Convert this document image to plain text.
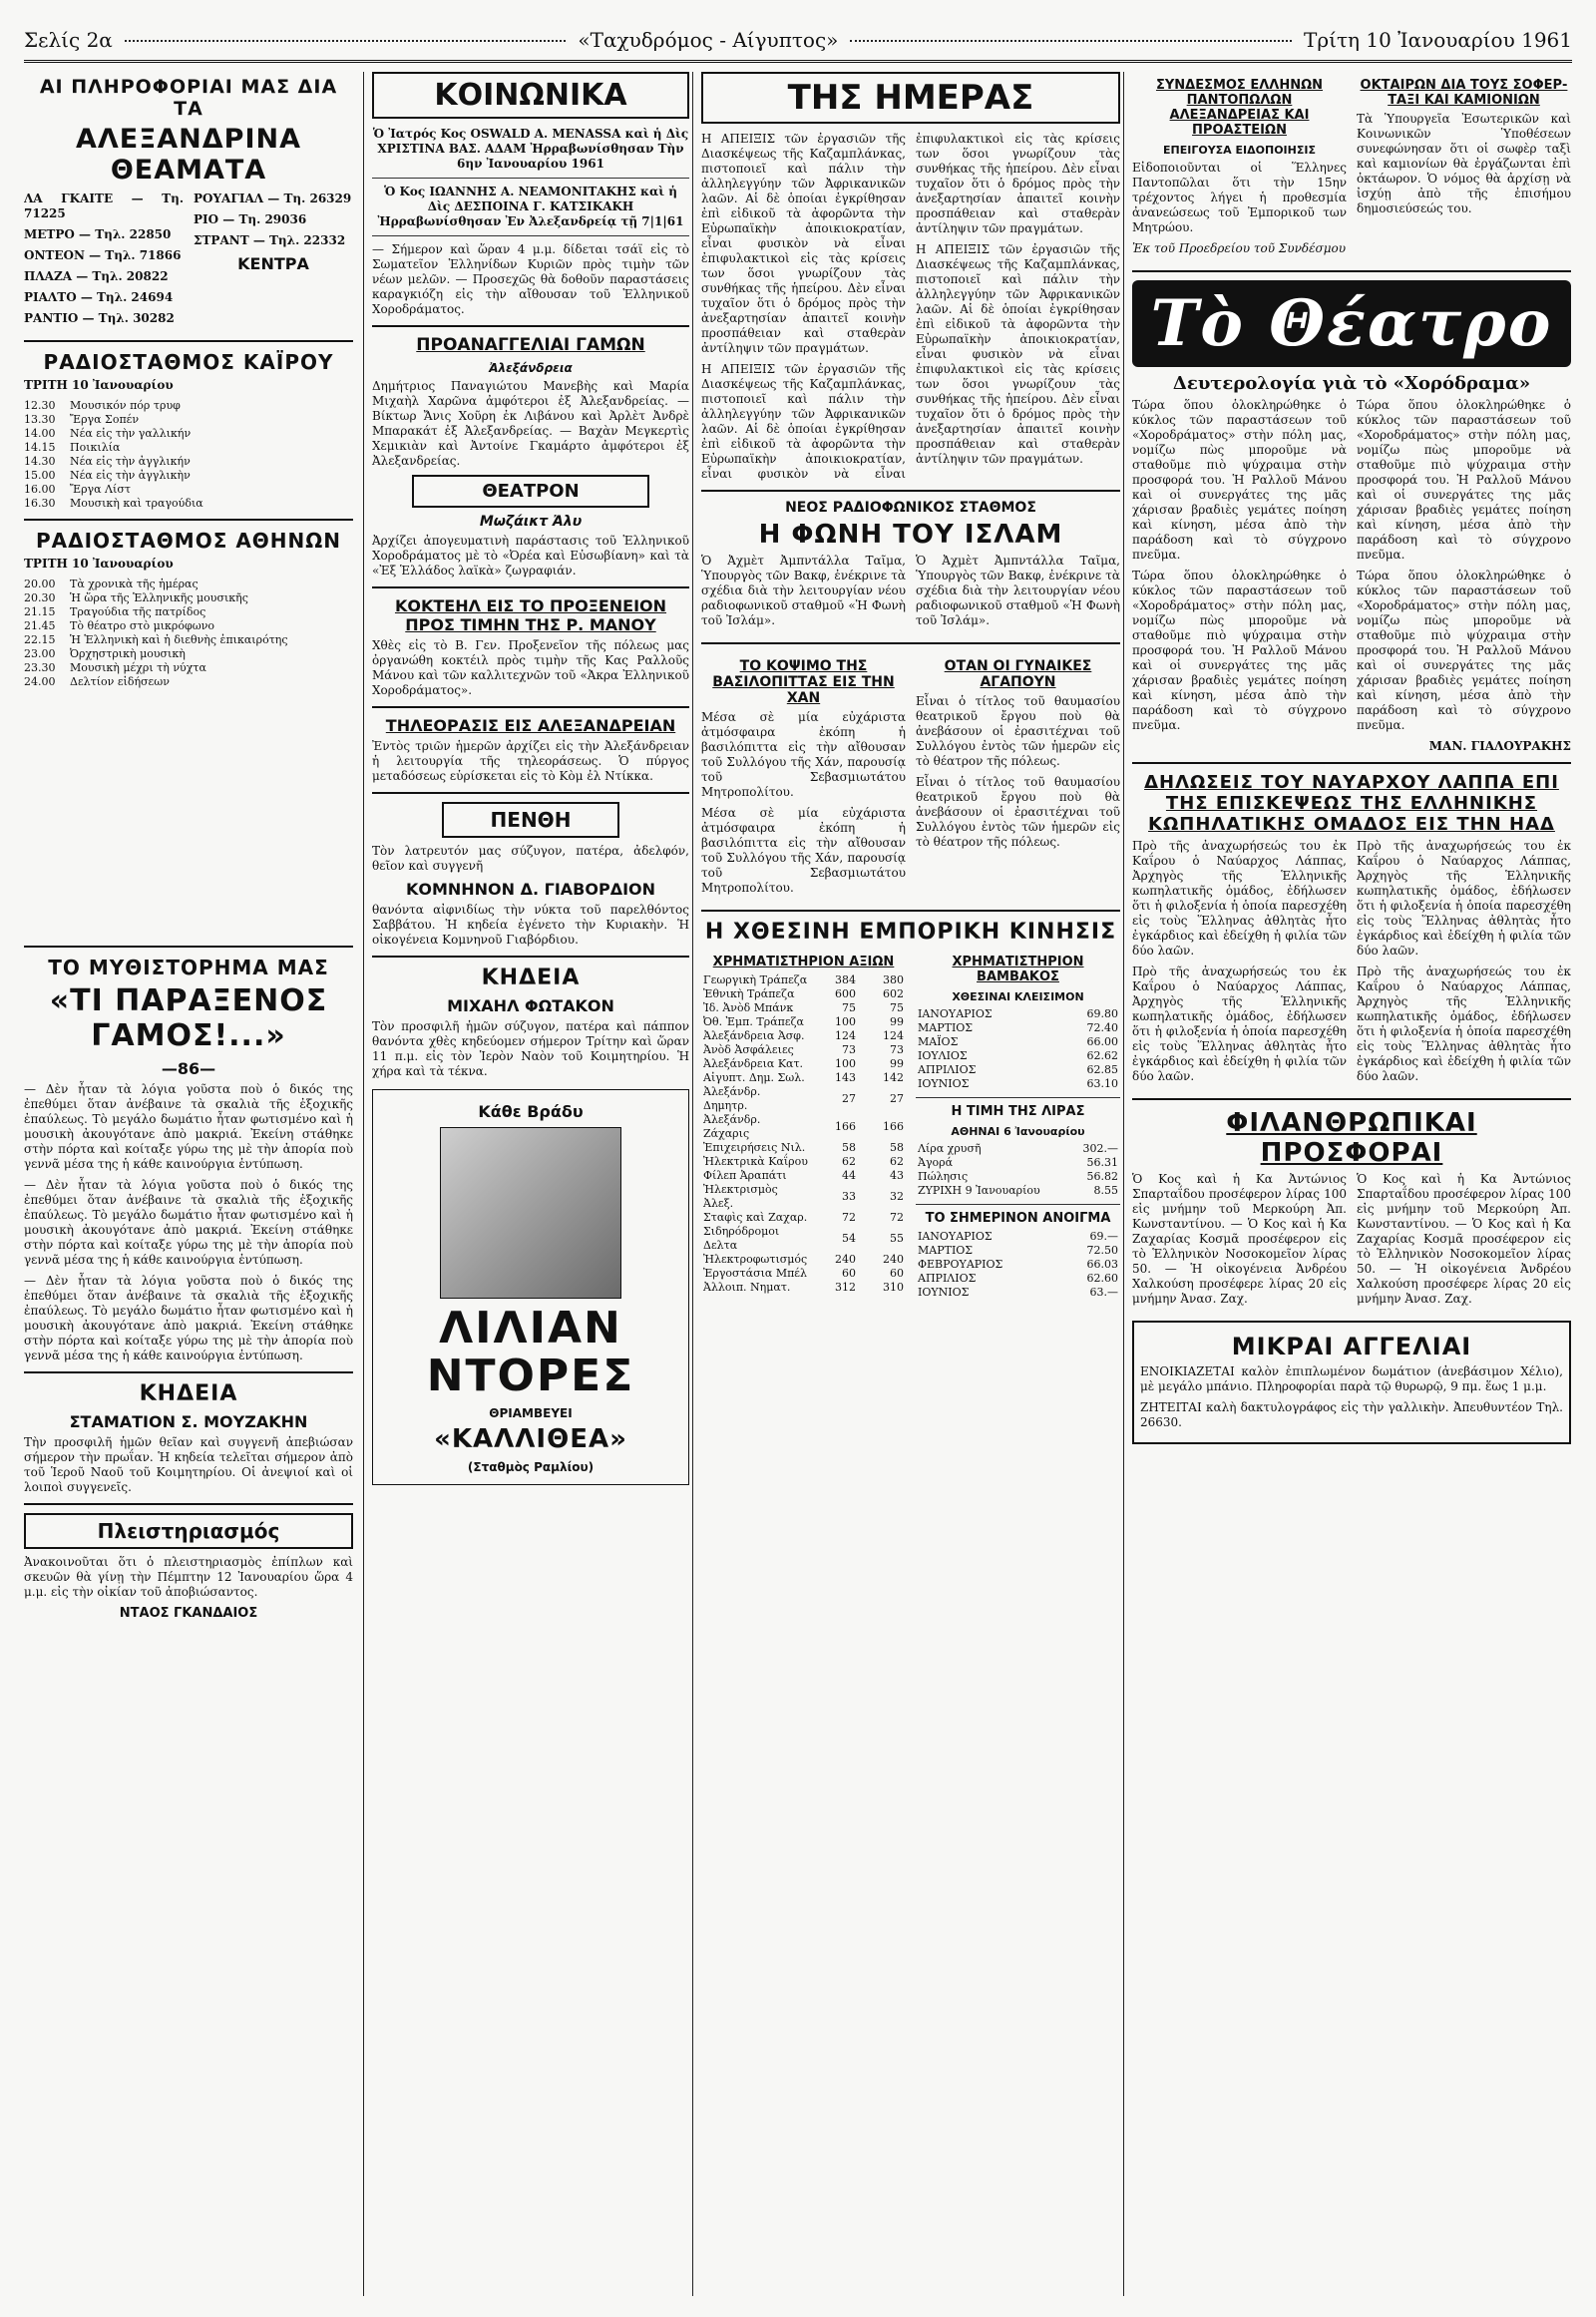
Σελίς 2α	«Ταχυδρόμος - Αίγυπτος»	Τρίτη 10 Ἰανουαρίου 1961
ΑΙ ΠΛΗΡΟΦΟΡΙΑΙ ΜΑΣ ΔΙΑ ΤΑ
ΑΛΕΞΑΝΔΡΙΝΑ ΘΕΑΜΑΤΑ
ΛΑ ΓΚΑΙΤΕ — Τη. 71225
ΜΕΤΡΟ — Τηλ. 22850
ΟΝΤΕΟΝ — Τηλ. 71866
ΠΛΑΖΑ — Τηλ. 20822
ΡΙΑΛΤΟ — Τηλ. 24694
ΡΑΝΤΙΟ — Τηλ. 30282
ΡΟΥΑΓΙΑΛ — Τη. 26329
ΡΙΟ — Τη. 29036
ΣΤΡΑΝΤ — Τηλ. 22332
ΚΕΝΤΡΑ
ΡΑΔΙΟΣΤΑΘΜΟΣ ΚΑΪΡΟΥ
ΤΡΙΤΗ 10 Ἰανουαρίου
12.30	Μουσικόν πόρ τρυφ
13.30	Ἔργα Σοπέν
14.00	Νέα εἰς τὴν γαλλικήν
14.15	Ποικιλία
14.30	Νέα εἰς τὴν ἀγγλικήν
15.00	Νέα εἰς τὴν ἀγγλικὴν
16.00	Ἔργα Λίστ
16.30	Μουσικὴ καὶ τραγούδια
ΡΑΔΙΟΣΤΑΘΜΟΣ ΑΘΗΝΩΝ
ΤΡΙΤΗ 10 Ἰανουαρίου
20.00	Τὰ χρονικὰ τῆς ἡμέρας
20.30	Ἡ ὥρα τῆς Ἑλληνικῆς μουσικῆς
21.15	Τραγούδια τῆς πατρίδος
21.45	Τὸ θέατρο στὸ μικρόφωνο
22.15	Ἡ Ἑλληνικὴ καὶ ἡ διεθνὴς ἐπικαιρότης
23.00	Ὀρχηστρικὴ μουσικὴ
23.30	Μουσικὴ μέχρι τὴ νύχτα
24.00	Δελτίον εἰδήσεων
ΤΟ ΜΥΘΙΣΤΟΡΗΜΑ ΜΑΣ
«ΤΙ ΠΑΡΑΞΕΝΟΣ ΓΑΜΟΣ!...»
—86—

— Δὲν ἦταν τὰ λόγια γοῦστα ποὺ ὁ δικός της ἐπεθύμει ὅταν ἀνέβαινε τὰ σκαλιὰ τῆς ἐξοχικῆς ἐπαύλεως. Τὸ μεγάλο δωμάτιο ἦταν φωτισμένο καὶ ἡ μουσικὴ ἀκουγότανε ἀπὸ μακριά. Ἐκείνη στάθηκε στὴν πόρτα καὶ κοίταξε γύρω της μὲ τὴν ἀπορία ποὺ γεννᾶ μέσα της ἡ κάθε καινούργια ἐντύπωση.

— Δὲν ἦταν τὰ λόγια γοῦστα ποὺ ὁ δικός της ἐπεθύμει ὅταν ἀνέβαινε τὰ σκαλιὰ τῆς ἐξοχικῆς ἐπαύλεως. Τὸ μεγάλο δωμάτιο ἦταν φωτισμένο καὶ ἡ μουσικὴ ἀκουγότανε ἀπὸ μακριά. Ἐκείνη στάθηκε στὴν πόρτα καὶ κοίταξε γύρω της μὲ τὴν ἀπορία ποὺ γεννᾶ μέσα της ἡ κάθε καινούργια ἐντύπωση.

— Δὲν ἦταν τὰ λόγια γοῦστα ποὺ ὁ δικός της ἐπεθύμει ὅταν ἀνέβαινε τὰ σκαλιὰ τῆς ἐξοχικῆς ἐπαύλεως. Τὸ μεγάλο δωμάτιο ἦταν φωτισμένο καὶ ἡ μουσικὴ ἀκουγότανε ἀπὸ μακριά. Ἐκείνη στάθηκε στὴν πόρτα καὶ κοίταξε γύρω της μὲ τὴν ἀπορία ποὺ γεννᾶ μέσα της ἡ κάθε καινούργια ἐντύπωση.

ΚΗΔΕΙΑ
ΣΤΑΜΑΤΙΟΝ Σ. ΜΟΥΖΑΚΗΝ

Τὴν προσφιλῆ ἡμῶν θεῖαν καὶ συγγενῆ ἀπεβιώσαν σήμερον τὴν πρωΐαν. Ἡ κηδεία τελεῖται σήμερον ἀπὸ τοῦ Ἱεροῦ Ναοῦ τοῦ Κοιμητηρίου. Οἱ ἀνεψιοί καὶ οἱ λοιποὶ συγγενεῖς.

Πλειστηριασμός

Ἀνακοινοῦται ὅτι ὁ πλειστηριασμὸς ἐπίπλων καὶ σκευῶν θὰ γίνῃ τὴν Πέμπτην 12 Ἰανουαρίου ὥρα 4 μ.μ. εἰς τὴν οἰκίαν τοῦ ἀποβιώσαντος.

ΝΤΑΟΣ ΓΚΑΝΔΑΙΟΣ
ΚΟΙΝΩΝΙΚΑ

Ὁ Ἰατρός Κος OSWALD A. MENASSA καὶ ἡ Δὶς ΧΡΙΣΤΙΝΑ ΒΑΣ. ΑΔΑΜ Ἠρραβωνίσθησαν Τὴν 6ην Ἰανουαρίου 1961

Ὁ Κος ΙΩΑΝΝΗΣ Α. ΝΕΑΜΟΝΙΤΑΚΗΣ καὶ ἡ Δὶς ΔΕΣΠΟΙΝΑ Γ. ΚΑΤΣΙΚΑΚΗ Ἠρραβωνίσθησαν Ἐν Ἀλεξανδρείᾳ τῇ 7|1|61

— Σήμερον καὶ ὥραν 4 μ.μ. δίδεται τσάϊ εἰς τὸ Σωματεῖον Ἑλληνίδων Κυριῶν πρὸς τιμὴν τῶν νέων μελῶν. — Προσεχῶς θὰ δοθοῦν παραστάσεις καραγκιόζη εἰς τὴν αἴθουσαν τοῦ Ἑλληνικοῦ Χοροδράματος.

ΠΡΟΑΝΑΓΓΕΛΙΑΙ ΓΑΜΩΝ
Ἀλεξάνδρεια

Δημήτριος Παναγιώτου Μανεβὴς καὶ Μαρία Μιχαὴλ Χαρῶνα ἀμφότεροι ἐξ Ἀλεξανδρείας. — Βίκτωρ Ἄνις Χοῦρη ἐκ Λιβάνου καὶ Ἀρλὲτ Ἀνδρὲ Μπαρακάτ ἐξ Ἀλεξανδρείας. — Βαχὰν Μεγκερτὶς Χεμικιὰν καὶ Ἀντοίνε Γκαμάρτο ἀμφότεροι ἐξ Ἀλεξανδρείας.

ΘΕΑΤΡΟΝ
Μωζάικτ Ἀλυ

Ἀρχίζει ἀπογευματινὴ παράστασις τοῦ Ἑλληνικοῦ Χοροδράματος μὲ τὸ «Ὀρέα καὶ Εὐσωβίανη» καὶ τὰ «Ἐξ Ἑλλάδος λαϊκὰ» ζωγραφιάν.

ΚΟΚΤΕΗΛ ΕΙΣ ΤΟ ΠΡΟΞΕΝΕΙΟΝ ΠΡΟΣ ΤΙΜΗΝ ΤΗΣ Ρ. ΜΑΝΟΥ

Χθὲς εἰς τὸ Β. Γεν. Προξενεῖον τῆς πόλεως μας ὀργανώθη κοκτέιλ πρὸς τιμὴν τῆς Κας Ραλλοῦς Μάνου καὶ τῶν καλλιτεχνῶν τοῦ «Ἀκρα Ἐλληνικοῦ Χοροδράματος».

ΤΗΛΕΟΡΑΣΙΣ ΕΙΣ ΑΛΕΞΑΝΔΡΕΙΑΝ

Ἐντὸς τριῶν ἡμερῶν ἀρχίζει εἰς τὴν Ἀλεξάνδρειαν ἡ λειτουργία τῆς τηλεοράσεως. Ὁ πύργος μεταδόσεως εὑρίσκεται εἰς τὸ Κὸμ ἐλ Ντίκκα.

ΠΕΝΘΗ

Τὸν λατρευτόν μας σύζυγον, πατέρα, ἀδελφόν, θεῖον καὶ συγγενῆ

ΚΟΜΝΗΝΟΝ Δ. ΓΙΑΒΟΡΔΙΟΝ

θανόντα αἰφνιδίως τὴν νύκτα τοῦ παρελθόντος Σαββάτου. Ἡ κηδεία ἐγένετο τὴν Κυριακὴν. Ἡ οἰκογένεια Κομνηνοῦ Γιαβόρδιου.

ΚΗΔΕΙΑ
ΜΙΧΑΗΛ ΦΩΤΑΚΟΝ

Τὸν προσφιλῆ ἡμῶν σύζυγον, πατέρα καὶ πάππον θανόντα χθὲς κηδεύομεν σήμερον Τρίτην καὶ ὥραν 11 π.μ. εἰς τὸν Ἱερὸν Ναὸν τοῦ Κοιμητηρίου. Ἡ χήρα καὶ τὰ τέκνα.

Κάθε Βράδυ
ΛΙΛΙΑΝ ΝΤΟΡΕΣ
ΘΡΙΑΜΒΕΥΕΙ
«ΚΑΛΛΙΘΕΑ»
(Σταθμὸς Ραμλίου)
ΤΗΣ ΗΜΕΡΑΣ

Η ΑΠΕΙΞΙΣ τῶν ἐργασιῶν τῆς Διασκέψεως τῆς Καζαμπλάνκας, πιστοποιεῖ καὶ πάλιν τὴν ἀλληλεγγύην τῶν Ἀφρικανικῶν λαῶν. Αἱ δὲ ὁποίαι ἐγκρίθησαν ἐπὶ εἰδικοῦ τὰ ἀφορῶντα τὴν Εὐρωπαϊκὴν ἀποικιοκρατίαν, εἶναι φυσικὸν νὰ εἶναι ἐπιφυλακτικοὶ εἰς τὰς κρίσεις των ὅσοι γνωρίζουν τὰς συνθήκας τῆς ἡπείρου. Δὲν εἶναι τυχαῖον ὅτι ὁ δρόμος πρὸς τὴν ἀνεξαρτησίαν ἀπαιτεῖ κοινὴν προσπάθειαν καὶ σταθερὰν ἀντίληψιν τῶν πραγμάτων.

Η ΑΠΕΙΞΙΣ τῶν ἐργασιῶν τῆς Διασκέψεως τῆς Καζαμπλάνκας, πιστοποιεῖ καὶ πάλιν τὴν ἀλληλεγγύην τῶν Ἀφρικανικῶν λαῶν. Αἱ δὲ ὁποίαι ἐγκρίθησαν ἐπὶ εἰδικοῦ τὰ ἀφορῶντα τὴν Εὐρωπαϊκὴν ἀποικιοκρατίαν, εἶναι φυσικὸν νὰ εἶναι ἐπιφυλακτικοὶ εἰς τὰς κρίσεις των ὅσοι γνωρίζουν τὰς συνθήκας τῆς ἡπείρου. Δὲν εἶναι τυχαῖον ὅτι ὁ δρόμος πρὸς τὴν ἀνεξαρτησίαν ἀπαιτεῖ κοινὴν προσπάθειαν καὶ σταθερὰν ἀντίληψιν τῶν πραγμάτων.

Η ΑΠΕΙΞΙΣ τῶν ἐργασιῶν τῆς Διασκέψεως τῆς Καζαμπλάνκας, πιστοποιεῖ καὶ πάλιν τὴν ἀλληλεγγύην τῶν Ἀφρικανικῶν λαῶν. Αἱ δὲ ὁποίαι ἐγκρίθησαν ἐπὶ εἰδικοῦ τὰ ἀφορῶντα τὴν Εὐρωπαϊκὴν ἀποικιοκρατίαν, εἶναι φυσικὸν νὰ εἶναι ἐπιφυλακτικοὶ εἰς τὰς κρίσεις των ὅσοι γνωρίζουν τὰς συνθήκας τῆς ἡπείρου. Δὲν εἶναι τυχαῖον ὅτι ὁ δρόμος πρὸς τὴν ἀνεξαρτησίαν ἀπαιτεῖ κοινὴν προσπάθειαν καὶ σταθερὰν ἀντίληψιν τῶν πραγμάτων.

ΝΕΟΣ ΡΑΔΙΟΦΩΝΙΚΟΣ ΣΤΑΘΜΟΣ
Η ΦΩΝΗ ΤΟΥ ΙΣΛΑΜ

Ὁ Ἀχμὲτ Ἀμπντάλλα Ταῖμα, Ὑπουργὸς τῶν Βακφ, ἐνέκρινε τὰ σχέδια διὰ τὴν λειτουργίαν νέου ραδιοφωνικοῦ σταθμοῦ «Ἡ Φωνὴ τοῦ Ἰσλάμ».

Ὁ Ἀχμὲτ Ἀμπντάλλα Ταῖμα, Ὑπουργὸς τῶν Βακφ, ἐνέκρινε τὰ σχέδια διὰ τὴν λειτουργίαν νέου ραδιοφωνικοῦ σταθμοῦ «Ἡ Φωνὴ τοῦ Ἰσλάμ».

ΤΟ ΚΟΨΙΜΟ ΤΗΣ ΒΑΣΙΛΟΠΙΤΤΑΣ ΕΙΣ ΤΗΝ ΧΑΝ

Μέσα σὲ μία εὐχάριστα ἀτμόσφαιρα ἐκόπη ἡ βασιλόπιττα εἰς τὴν αἴθουσαν τοῦ Συλλόγου τῆς Χάν, παρουσίᾳ τοῦ Σεβασμιωτάτου Μητροπολίτου.

Μέσα σὲ μία εὐχάριστα ἀτμόσφαιρα ἐκόπη ἡ βασιλόπιττα εἰς τὴν αἴθουσαν τοῦ Συλλόγου τῆς Χάν, παρουσίᾳ τοῦ Σεβασμιωτάτου Μητροπολίτου.

ΟΤΑΝ ΟΙ ΓΥΝΑΙΚΕΣ ΑΓΑΠΟΥΝ

Εἶναι ὁ τίτλος τοῦ θαυμασίου θεατρικοῦ ἔργου ποὺ θὰ ἀνεβάσουν οἱ ἐρασιτέχναι τοῦ Συλλόγου ἐντὸς τῶν ἡμερῶν εἰς τὸ θέατρον τῆς πόλεως.

Εἶναι ὁ τίτλος τοῦ θαυμασίου θεατρικοῦ ἔργου ποὺ θὰ ἀνεβάσουν οἱ ἐρασιτέχναι τοῦ Συλλόγου ἐντὸς τῶν ἡμερῶν εἰς τὸ θέατρον τῆς πόλεως.

Η ΧΘΕΣΙΝΗ ΕΜΠΟΡΙΚΗ ΚΙΝΗΣΙΣ
ΧΡΗΜΑΤΙΣΤΗΡΙΟΝ ΑΞΙΩΝ
Γεωργικὴ Τράπεζα	384	380
Ἐθνικὴ Τράπεζα	600	602
Ἰδ. Ἀνὸδ Μπάνκ	75	75
Ὀθ. Ἐμπ. Τράπεζα	100	99
Ἀλεξάνδρεια Ἀσφ.	124	124
Ἀνὸδ Ἀσφάλειες	73	73
Ἀλεξάνδρεια Κατ.	100	99
Αἰγυπτ. Δημ. Σωλ.	143	142
Ἀλεξάνδρ. Δημητρ.	27	27
Ἀλεξάνδρ. Ζάχαρις	166	166
Ἐπιχειρήσεις Νιλ.	58	58
Ἠλεκτρικὰ Καΐρου	62	62
Φίλεπ Ἀραπάτι	44	43
Ἠλεκτρισμὸς Ἀλεξ.	33	32
Σταφὶς καὶ Ζαχαρ.	72	72
Σιδηρόδρομοι Δελτα	54	55
Ἠλεκτροφωτισμός	240	240
Ἐργοστάσια Μπέλ	60	60
Ἀλλοιπ. Νηματ.	312	310
ΧΡΗΜΑΤΙΣΤΗΡΙΟΝ ΒΑΜΒΑΚΟΣ
ΧΘΕΣΙΝΑΙ ΚΛΕΙΣΙΜΟΝ
ΙΑΝΟΥΑΡΙΟΣ	69.80
ΜΑΡΤΙΟΣ	72.40
ΜΑΪΟΣ	66.00
ΙΟΥΛΙΟΣ	62.62
ΑΠΡΙΛΙΟΣ	62.85
ΙΟΥΝΙΟΣ	63.10
Η ΤΙΜΗ ΤΗΣ ΛΙΡΑΣ
ΑΘΗΝΑΙ 6 Ἰανουαρίου
Λίρα χρυσῆ	302.—
Ἀγορά	56.31
Πώλησις	56.82
ΖΥΡΙΧΗ 9 Ἰανουαρίου	8.55
ΤΟ ΣΗΜΕΡΙΝΟΝ ΑΝΟΙΓΜΑ
ΙΑΝΟΥΑΡΙΟΣ	69.—
ΜΑΡΤΙΟΣ	72.50
ΦΕΒΡΟΥΑΡΙΟΣ	66.03
ΑΠΡΙΛΙΟΣ	62.60
ΙΟΥΝΙΟΣ	63.—
ΣΥΝΔΕΣΜΟΣ ΕΛΛΗΝΩΝ ΠΑΝΤΟΠΩΛΩΝ ΑΛΕΞΑΝΔΡΕΙΑΣ ΚΑΙ ΠΡΟΑΣΤΕΙΩΝ
ΕΠΕΙΓΟΥΣΑ ΕΙΔΟΠΟΙΗΣΙΣ

Εἰδοποιοῦνται οἱ Ἕλληνες Παντοπῶλαι ὅτι τὴν 15ην τρέχοντος λήγει ἡ προθεσμία ἀνανεώσεως τοῦ Ἐμπορικοῦ των Μητρώου.

Ἐκ τοῦ Προεδρείου τοῦ Συνδέσμου

ΟΚΤΑΙΡΩΝ ΔΙΑ ΤΟΥΣ ΣΟΦΕΡ-ΤΑΞΙ ΚΑΙ ΚΑΜΙΟΝΙΩΝ

Τὰ Ὑπουργεῖα Ἐσωτερικῶν καὶ Κοινωνικῶν Ὑποθέσεων συνεφώνησαν ὅτι οἱ σωφὲρ ταξὶ καὶ καμιονίων θὰ ἐργάζωνται ἐπὶ ὀκτάωρον. Ὁ νόμος θὰ ἀρχίσῃ νὰ ἰσχύῃ ἀπὸ τῆς ἐπισήμου δημοσιεύσεώς του.

Τὸ Θέατρο
Δευτερολογία γιὰ τὸ «Χορόδραμα»

Τώρα ὅπου ὁλοκληρώθηκε ὁ κύκλος τῶν παραστάσεων τοῦ «Χοροδράματος» στὴν πόλη μας, νομίζω πὼς μποροῦμε νὰ σταθοῦμε πιὸ ψύχραιμα στὴν προσφορά του. Ἡ Ραλλοῦ Μάνου καὶ οἱ συνεργάτες της μᾶς χάρισαν βραδιὲς γεμάτες ποίηση καὶ κίνηση, μέσα ἀπὸ τὴν παράδοση καὶ τὸ σύγχρονο πνεῦμα.

Τώρα ὅπου ὁλοκληρώθηκε ὁ κύκλος τῶν παραστάσεων τοῦ «Χοροδράματος» στὴν πόλη μας, νομίζω πὼς μποροῦμε νὰ σταθοῦμε πιὸ ψύχραιμα στὴν προσφορά του. Ἡ Ραλλοῦ Μάνου καὶ οἱ συνεργάτες της μᾶς χάρισαν βραδιὲς γεμάτες ποίηση καὶ κίνηση, μέσα ἀπὸ τὴν παράδοση καὶ τὸ σύγχρονο πνεῦμα.

Τώρα ὅπου ὁλοκληρώθηκε ὁ κύκλος τῶν παραστάσεων τοῦ «Χοροδράματος» στὴν πόλη μας, νομίζω πὼς μποροῦμε νὰ σταθοῦμε πιὸ ψύχραιμα στὴν προσφορά του. Ἡ Ραλλοῦ Μάνου καὶ οἱ συνεργάτες της μᾶς χάρισαν βραδιὲς γεμάτες ποίηση καὶ κίνηση, μέσα ἀπὸ τὴν παράδοση καὶ τὸ σύγχρονο πνεῦμα.

Τώρα ὅπου ὁλοκληρώθηκε ὁ κύκλος τῶν παραστάσεων τοῦ «Χοροδράματος» στὴν πόλη μας, νομίζω πὼς μποροῦμε νὰ σταθοῦμε πιὸ ψύχραιμα στὴν προσφορά του. Ἡ Ραλλοῦ Μάνου καὶ οἱ συνεργάτες της μᾶς χάρισαν βραδιὲς γεμάτες ποίηση καὶ κίνηση, μέσα ἀπὸ τὴν παράδοση καὶ τὸ σύγχρονο πνεῦμα.

ΜΑΝ. ΓΙΑΛΟΥΡΑΚΗΣ

ΔΗΛΩΣΕΙΣ ΤΟΥ ΝΑΥΑΡΧΟΥ ΛΑΠΠΑ ΕΠΙ ΤΗΣ ΕΠΙΣΚΕΨΕΩΣ ΤΗΣ ΕΛΛΗΝΙΚΗΣ ΚΩΠΗΛΑΤΙΚΗΣ ΟΜΑΔΟΣ ΕΙΣ ΤΗΝ ΗΑΔ

Πρὸ τῆς ἀναχωρήσεώς του ἐκ Καΐρου ὁ Ναύαρχος Λάππας, Ἀρχηγὸς τῆς Ἑλληνικῆς κωπηλατικῆς ὁμάδος, ἐδήλωσεν ὅτι ἡ φιλοξενία ἡ ὁποία παρεσχέθη εἰς τοὺς Ἕλληνας ἀθλητὰς ἦτο ἐγκάρδιος καὶ ἐδείχθη ἡ φιλία τῶν δύο λαῶν.

Πρὸ τῆς ἀναχωρήσεώς του ἐκ Καΐρου ὁ Ναύαρχος Λάππας, Ἀρχηγὸς τῆς Ἑλληνικῆς κωπηλατικῆς ὁμάδος, ἐδήλωσεν ὅτι ἡ φιλοξενία ἡ ὁποία παρεσχέθη εἰς τοὺς Ἕλληνας ἀθλητὰς ἦτο ἐγκάρδιος καὶ ἐδείχθη ἡ φιλία τῶν δύο λαῶν.

Πρὸ τῆς ἀναχωρήσεώς του ἐκ Καΐρου ὁ Ναύαρχος Λάππας, Ἀρχηγὸς τῆς Ἑλληνικῆς κωπηλατικῆς ὁμάδος, ἐδήλωσεν ὅτι ἡ φιλοξενία ἡ ὁποία παρεσχέθη εἰς τοὺς Ἕλληνας ἀθλητὰς ἦτο ἐγκάρδιος καὶ ἐδείχθη ἡ φιλία τῶν δύο λαῶν.

Πρὸ τῆς ἀναχωρήσεώς του ἐκ Καΐρου ὁ Ναύαρχος Λάππας, Ἀρχηγὸς τῆς Ἑλληνικῆς κωπηλατικῆς ὁμάδος, ἐδήλωσεν ὅτι ἡ φιλοξενία ἡ ὁποία παρεσχέθη εἰς τοὺς Ἕλληνας ἀθλητὰς ἦτο ἐγκάρδιος καὶ ἐδείχθη ἡ φιλία τῶν δύο λαῶν.

ΦΙΛΑΝΘΡΩΠΙΚΑΙ ΠΡΟΣΦΟΡΑΙ

Ὁ Κος καὶ ἡ Κα Ἀντώνιος Σπαρταΐδου προσέφερον λίρας 100 εἰς μνήμην τοῦ Μερκούρη Ἀπ. Κωνσταντίνου. — Ὁ Κος καὶ ἡ Κα Ζαχαρίας Κοσμᾶ προσέφερον εἰς τὸ Ἑλληνικὸν Νοσοκομεῖον λίρας 50. — Ἡ οἰκογένεια Ἀνδρέου Χαλκούση προσέφερε λίρας 20 εἰς μνήμην Ἀνασ. Ζαχ.

Ὁ Κος καὶ ἡ Κα Ἀντώνιος Σπαρταΐδου προσέφερον λίρας 100 εἰς μνήμην τοῦ Μερκούρη Ἀπ. Κωνσταντίνου. — Ὁ Κος καὶ ἡ Κα Ζαχαρίας Κοσμᾶ προσέφερον εἰς τὸ Ἑλληνικὸν Νοσοκομεῖον λίρας 50. — Ἡ οἰκογένεια Ἀνδρέου Χαλκούση προσέφερε λίρας 20 εἰς μνήμην Ἀνασ. Ζαχ.

ΜΙΚΡΑΙ ΑΓΓΕΛΙΑΙ

ΕΝΟΙΚΙΑΖΕΤΑΙ καλὸν ἐπιπλωμένον δωμάτιον (ἀνεβάσιμον Χέλιο), μὲ μεγάλο μπάνιο. Πληροφορίαι παρὰ τῷ θυρωρῷ, 9 πμ. ἕως 1 μ.μ.

ΖΗΤΕΙΤΑΙ καλὴ δακτυλογράφος εἰς τὴν γαλλικὴν. Ἀπευθυντέον Τηλ. 26630.
